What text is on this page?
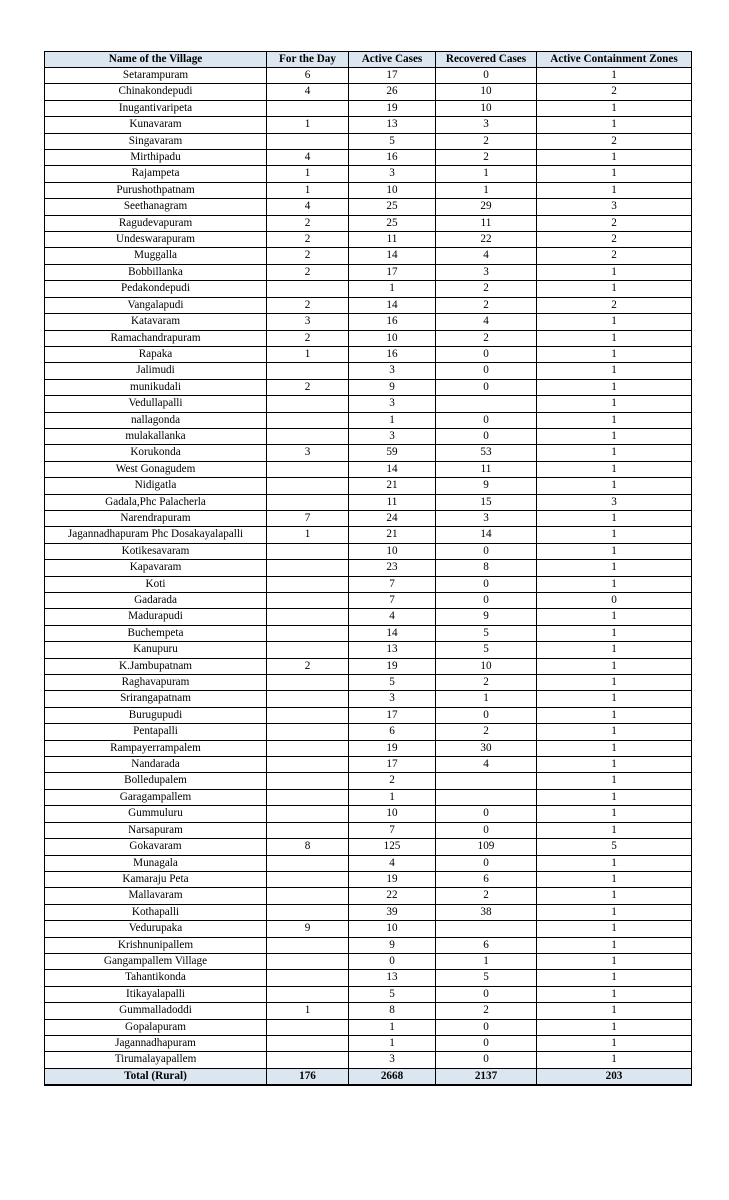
Name of the Village	For the Day	Active Cases	Recovered Cases	Active Containment Zones
Setarampuram	6	17	0	1
Chinakondepudi	4	26	10	2
Inugantivaripeta		19	10	1
Kunavaram	1	13	3	1
Singavaram		5	2	2
Mirthipadu	4	16	2	1
Rajampeta	1	3	1	1
Purushothpatnam	1	10	1	1
Seethanagram	4	25	29	3
Ragudevapuram	2	25	11	2
Undeswarapuram	2	11	22	2
Muggalla	2	14	4	2
Bobbillanka	2	17	3	1
Pedakondepudi		1	2	1
Vangalapudi	2	14	2	2
Katavaram	3	16	4	1
Ramachandrapuram	2	10	2	1
Rapaka	1	16	0	1
Jalimudi		3	0	1
munikudali	2	9	0	1
Vedullapalli		3		1
nallagonda		1	0	1
mulakallanka		3	0	1
Korukonda	3	59	53	1
West Gonagudem		14	11	1
Nidigatla		21	9	1
Gadala,Phc Palacherla		11	15	3
Narendrapuram	7	24	3	1
Jagannadhapuram Phc Dosakayalapalli	1	21	14	1
Kotikesavaram		10	0	1
Kapavaram		23	8	1
Koti		7	0	1
Gadarada		7	0	0
Madurapudi		4	9	1
Buchempeta		14	5	1
Kanupuru		13	5	1
K.Jambupatnam	2	19	10	1
Raghavapuram		5	2	1
Srirangapatnam		3	1	1
Burugupudi		17	0	1
Pentapalli		6	2	1
Rampayerrampalem		19	30	1
Nandarada		17	4	1
Bolledupalem		2		1
Garagampallem		1		1
Gummuluru		10	0	1
Narsapuram		7	0	1
Gokavaram	8	125	109	5
Munagala		4	0	1
Kamaraju Peta		19	6	1
Mallavaram		22	2	1
Kothapalli		39	38	1
Vedurupaka	9	10		1
Krishnunipallem		9	6	1
Gangampallem Village		0	1	1
Tahantikonda		13	5	1
Itikayalapalli		5	0	1
Gummalladoddi	1	8	2	1
Gopalapuram		1	0	1
Jagannadhapuram		1	0	1
Tirumalayapallem		3	0	1
Total (Rural)	176	2668	2137	203
